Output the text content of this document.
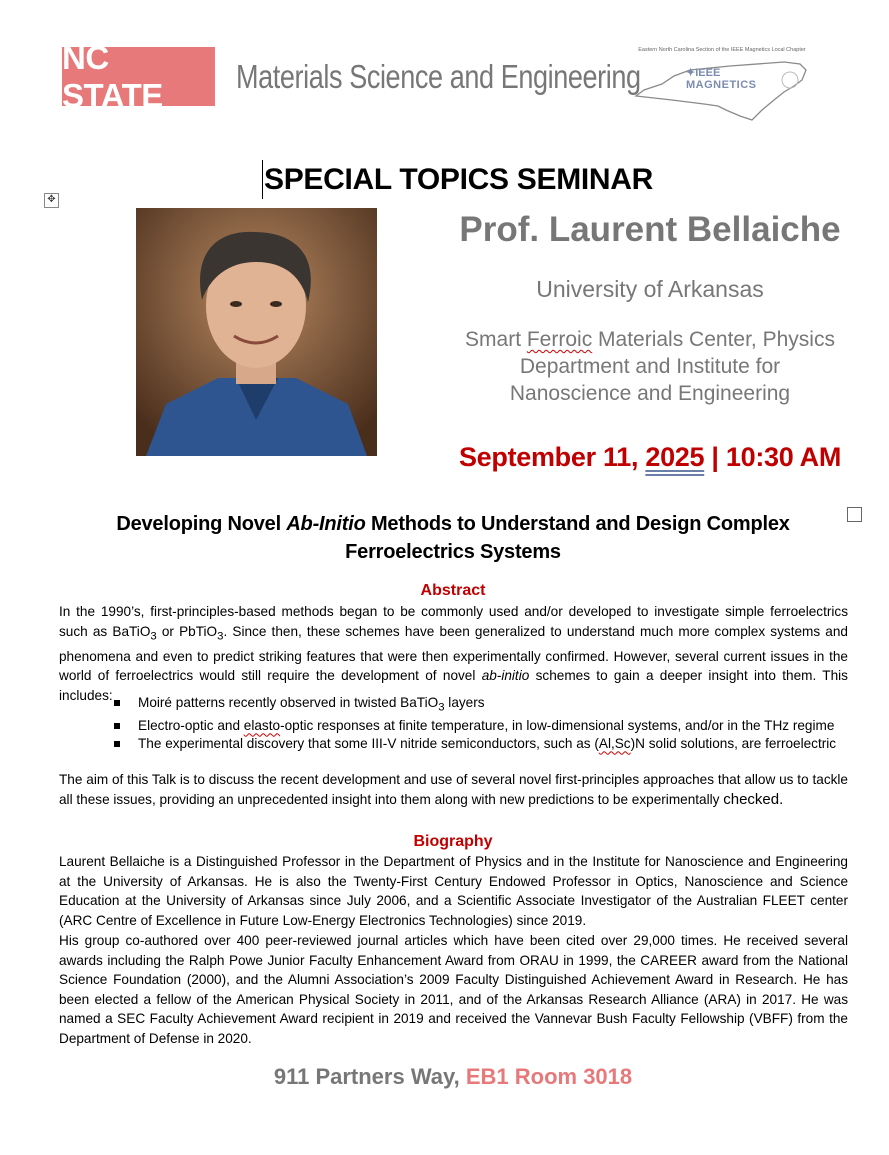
NC STATE	Materials Science and Engineering
Eastern North Carolina Section of the IEEE Magnetics Local Chapter
✦IEEE
MAGNETICS
SPECIAL TOPICS SEMINAR
✥
Prof. Laurent Bellaiche
University of Arkansas
Smart Ferroic Materials Center, Physics Department and Institute for Nanoscience and Engineering
September 11, 2025 | 10:30 AM
Developing Novel Ab-Initio Methods to Understand and Design Complex Ferroelectrics Systems
Abstract
In the 1990’s, first-principles-based methods began to be commonly used and/or developed to investigate simple ferroelectrics such as BaTiO$_3$ or PbTiO$_3$. Since then, these schemes have been generalized to understand much more complex systems and phenomena and even to predict striking features that were then experimentally confirmed. However, several current issues in the world of ferroelectrics would still require the development of novel ab-initio schemes to gain a deeper insight into them. This includes:	Moiré patterns recently observed in twisted BaTiO$_3$ layers
Electro-optic and elasto-optic responses at finite temperature, in low-dimensional systems, and/or in the THz regime
The experimental discovery that some III-V nitride semiconductors, such as (Al,Sc)N solid solutions, are ferroelectric
The aim of this Talk is to discuss the recent development and use of several novel first-principles approaches that allow us to tackle all these issues, providing an unprecedented insight into them along with new predictions to be experimentally checked.
Biography
Laurent Bellaiche is a Distinguished Professor in the Department of Physics and in the Institute for Nanoscience and Engineering at the University of Arkansas. He is also the Twenty-First Century Endowed Professor in Optics, Nanoscience and Science Education at the University of Arkansas since July 2006, and a Scientific Associate Investigator of the Australian FLEET center (ARC Centre of Excellence in Future Low-Energy Electronics Technologies) since 2019.
His group co-authored over 400 peer-reviewed journal articles which have been cited over 29,000 times. He received several awards including the Ralph Powe Junior Faculty Enhancement Award from ORAU in 1999, the CAREER award from the National Science Foundation (2000), and the Alumni Association’s 2009 Faculty Distinguished Achievement Award in Research. He has been elected a fellow of the American Physical Society in 2011, and of the Arkansas Research Alliance (ARA) in 2017. He was named a SEC Faculty Achievement Award recipient in 2019 and received the Vannevar Bush Faculty Fellowship (VBFF) from the Department of Defense in 2020.
911 Partners Way, EB1 Room 3018
